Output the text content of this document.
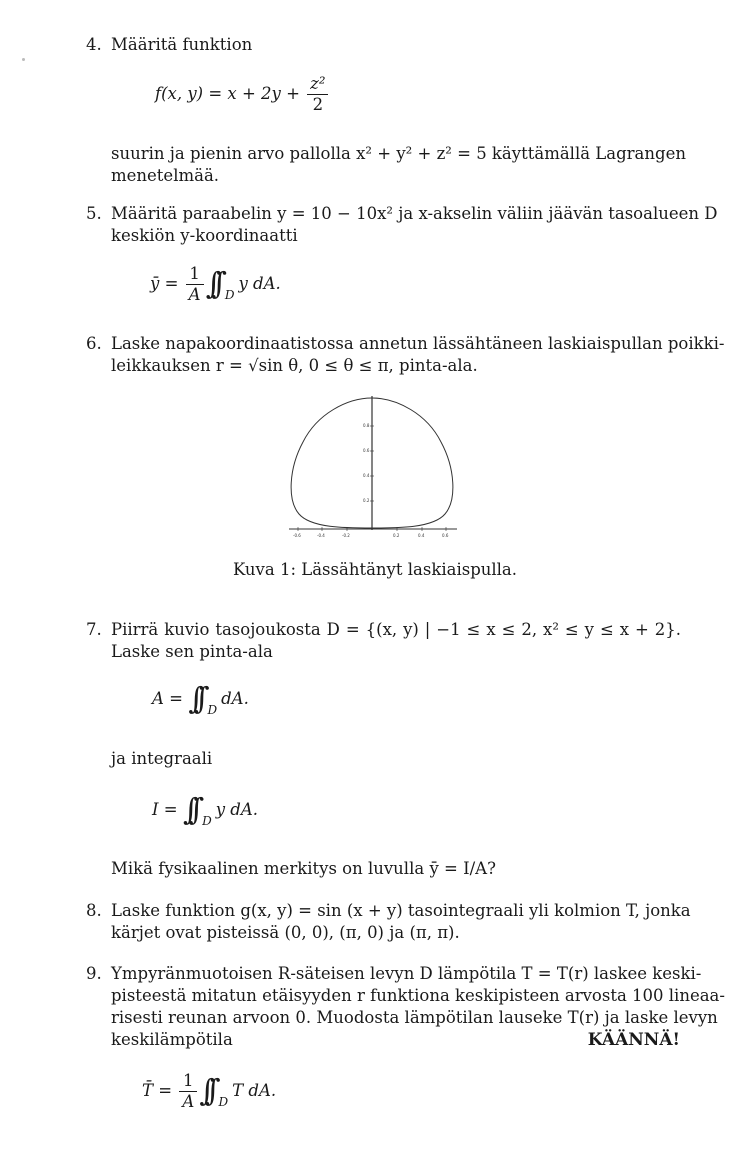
4. Määritä funktion
f(x, $y) = x + 2y + \frac{\text{z²}}{2}$
suurin ja pienin arvo pallolla x² + y² + z² = 5 käyttämällä Lagrangen
menetelmää.
5. Määritä paraabelin y = 10 − 10x² ja x-akselin väliin jäävän tasoalueen D
keskiön y-koordinaatti
ȳ = $\frac{1}{A}$ ∫∫ $_D$y dA.
6. Laske napakoordinaatistossa annetun lässähtäneen laskiaispullan poikki-
leikkauksen r = √sin θ, 0 ≤ θ ≤ π, pinta-ala.
0.8
0.6
0.4
0.2
-0.6	-0.4	-0.2	0.2	0.4	0.6
Kuva 1: Lässähtänyt laskiaispulla.
7. Piirrä kuvio tasojoukosta D = {(x, y) | −1 ≤ x ≤ 2, x² ≤ y ≤ x + 2}.
Laske sen pinta-ala
A = ∫∫ $_D$dA.
ja integraali
I = ∫∫ $_D$y dA.
Mikä fysikaalinen merkitys on luvulla ȳ = I/A?
8. Laske funktion g(x, y) = sin (x + y) tasointegraali yli kolmion T, jonka
kärjet ovat pisteissä (0, 0), (π, 0) ja (π, π).
9. Ympyränmuotoisen R-säteisen levyn D lämpötila T = T(r) laskee keski-
pisteestä mitatun etäisyyden r funktiona keskipisteen arvosta 100 lineaa-
risesti reunan arvoon 0. Muodosta lämpötilan lauseke T(r) ja laske levyn
keskilämpötila	KÄÄNNÄ!
T̄ = $\frac{1}{A}$ ∫∫ $_D$T dA.
